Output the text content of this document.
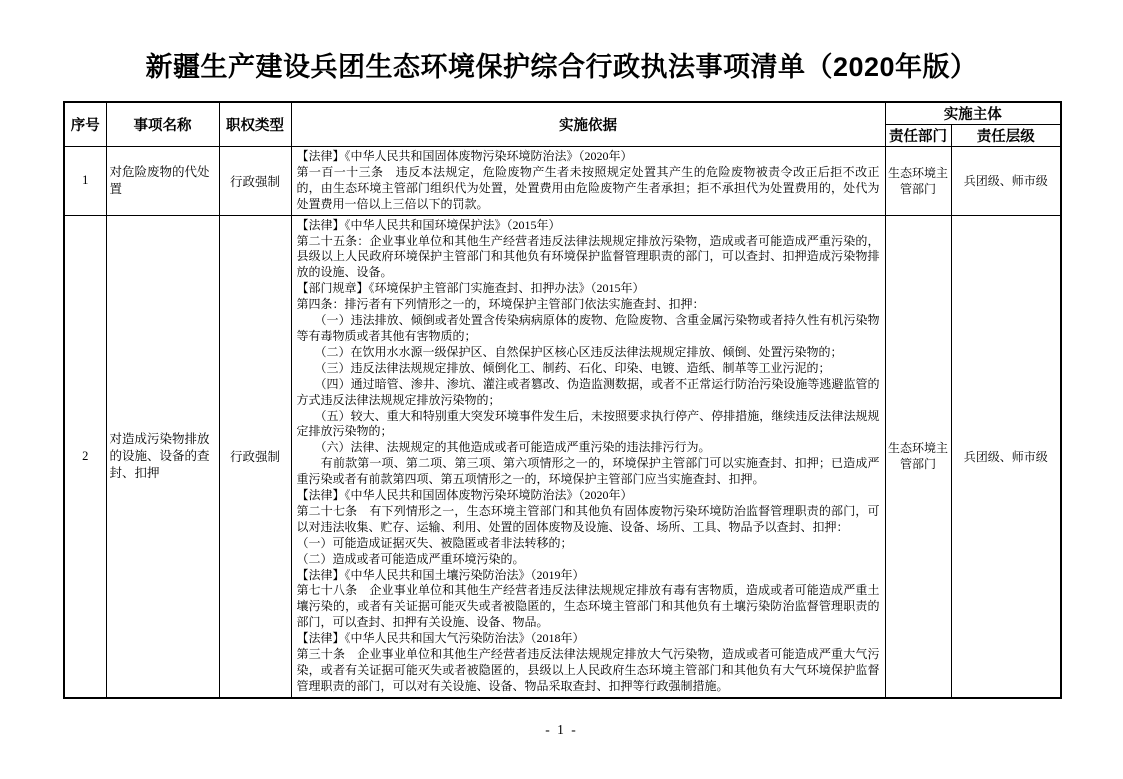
新疆生产建设兵团生态环境保护综合行政执法事项清单（2020年版）
序号	事项名称	职权类型	实施依据	实施主体	
				责任部门	责任层级
1	对危险废物的代处置	行政强制	【法律】《中华人民共和国固体废物污染环境防治法》（2020年）

第一百一十三条　违反本法规定，危险废物产生者未按照规定处置其产生的危险废物被责令改正后拒不改正的，由生态环境主管部门组织代为处置，处置费用由危险废物产生者承担；拒不承担代为处置费用的，处代为处置费用一倍以上三倍以下的罚款。	生态环境主管部门	兵团级、师市级
2	对造成污染物排放的设施、设备的查封、扣押	行政强制	

【法律】《中华人民共和国环境保护法》（2015年）

第二十五条：企业事业单位和其他生产经营者违反法律法规规定排放污染物，造成或者可能造成严重污染的，县级以上人民政府环境保护主管部门和其他负有环境保护监督管理职责的部门，可以查封、扣押造成污染物排放的设施、设备。

【部门规章】《环境保护主管部门实施查封、扣押办法》（2015年）

第四条：排污者有下列情形之一的，环境保护主管部门依法实施查封、扣押：

　　（一）违法排放、倾倒或者处置含传染病病原体的废物、危险废物、含重金属污染物或者持久性有机污染物等有毒物质或者其他有害物质的；

　　（二）在饮用水水源一级保护区、自然保护区核心区违反法律法规规定排放、倾倒、处置污染物的；

　　（三）违反法律法规规定排放、倾倒化工、制药、石化、印染、电镀、造纸、制革等工业污泥的；

　　（四）通过暗管、渗井、渗坑、灌注或者篡改、伪造监测数据，或者不正常运行防治污染设施等逃避监管的方式违反法律法规规定排放污染物的；

　　（五）较大、重大和特别重大突发环境事件发生后，未按照要求执行停产、停排措施，继续违反法律法规规定排放污染物的；

　　（六）法律、法规规定的其他造成或者可能造成严重污染的违法排污行为。

　　有前款第一项、第二项、第三项、第六项情形之一的，环境保护主管部门可以实施查封、扣押；已造成严重污染或者有前款第四项、第五项情形之一的，环境保护主管部门应当实施查封、扣押。

【法律】《中华人民共和国固体废物污染环境防治法》（2020年）

第二十七条　有下列情形之一，生态环境主管部门和其他负有固体废物污染环境防治监督管理职责的部门，可以对违法收集、贮存、运输、利用、处置的固体废物及设施、设备、场所、工具、物品予以查封、扣押：

（一）可能造成证据灭失、被隐匿或者非法转移的；

（二）造成或者可能造成严重环境污染的。

【法律】《中华人民共和国土壤污染防治法》（2019年）

第七十八条　企业事业单位和其他生产经营者违反法律法规规定排放有毒有害物质，造成或者可能造成严重土壤污染的，或者有关证据可能灭失或者被隐匿的，生态环境主管部门和其他负有土壤污染防治监督管理职责的部门，可以查封、扣押有关设施、设备、物品。

【法律】《中华人民共和国大气污染防治法》（2018年）

第三十条　企业事业单位和其他生产经营者违反法律法规规定排放大气污染物，造成或者可能造成严重大气污染，或者有关证据可能灭失或者被隐匿的，县级以上人民政府生态环境主管部门和其他负有大气环境保护监督管理职责的部门，可以对有关设施、设备、物品采取查封、扣押等行政强制措施。

	生态环境主管部门	兵团级、师市级
- 1 -
